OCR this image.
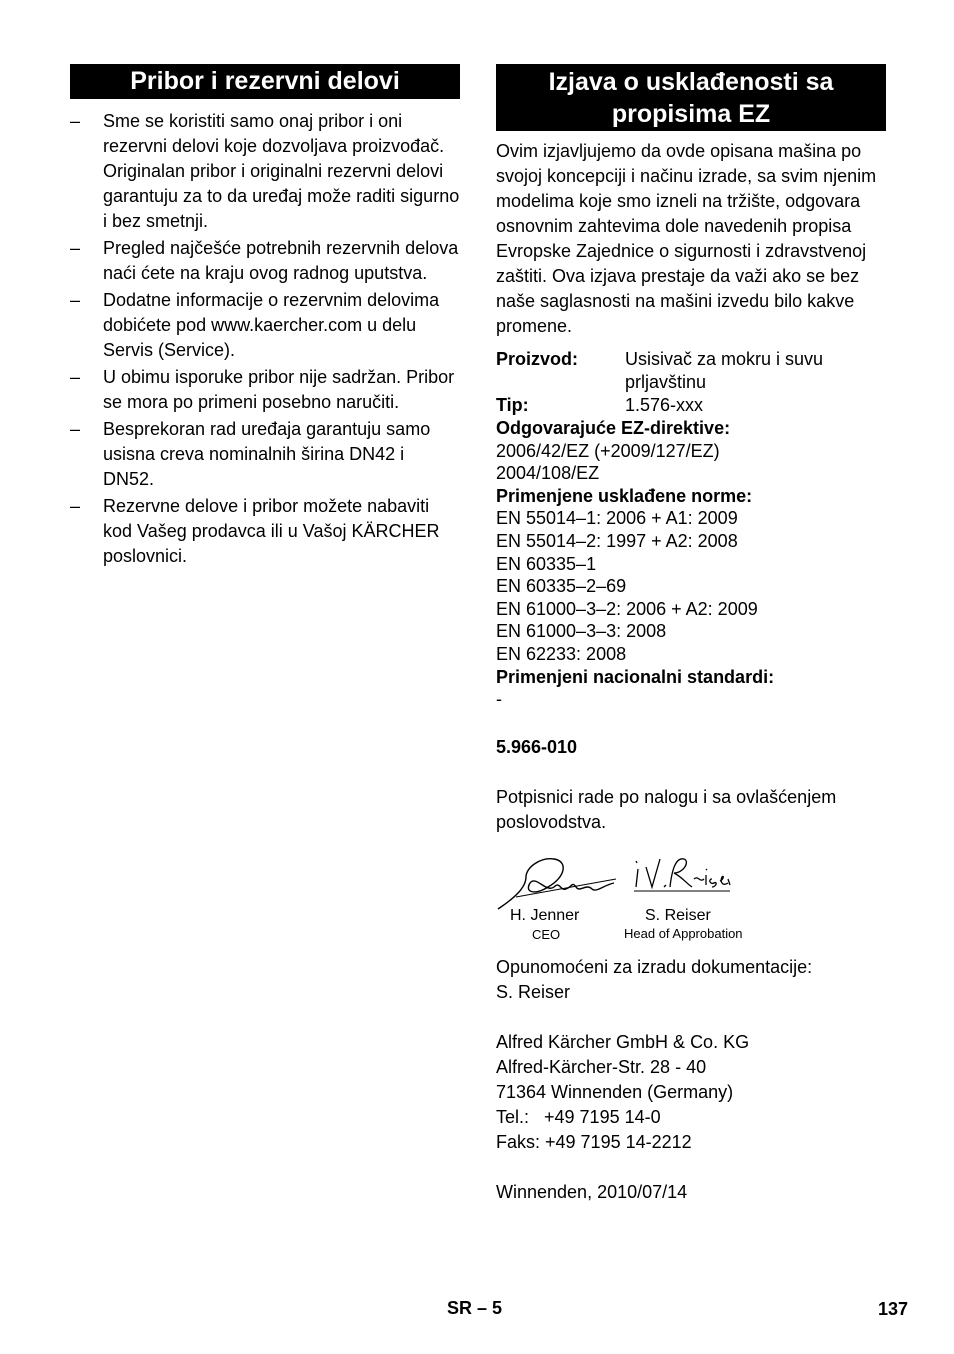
Pribor i rezervni delovi
–	Sme se koristiti samo onaj pribor i oni rezervni delovi koje dozvoljava proizvođač. Originalan pribor i originalni rezervni delovi garantuju za to da uređaj može raditi sigurno i bez smetnji.
–	Pregled najčešće potrebnih rezervnih delova naći ćete na kraju ovog radnog uputstva.
–	Dodatne informacije o rezervnim delovima dobićete pod www.kaercher.com u delu Servis (Service).
–	U obimu isporuke pribor nije sadržan. Pribor se mora po primeni posebno naručiti.
–	Besprekoran rad uređaja garantuju samo usisna creva nominalnih širina DN42 i DN52.
–	Rezervne delove i pribor možete nabaviti kod Vašeg prodavca ili u Vašoj KÄRCHER poslovnici.
Izjava o usklađenosti sa propisima EZ
Ovim izjavljujemo da ovde opisana mašina po svojoj koncepciji i načinu izrade, sa svim njenim modelima koje smo izneli na tržište, odgovara osnovnim zahtevima dole navedenih propisa Evropske Zajednice o sigurnosti i zdravstvenoj zaštiti. Ova izjava prestaje da važi ako se bez naše saglasnosti na mašini izvedu bilo kakve promene.
Proizvod:	Usisivač za mokru i suvu prljavštinu
Tip:	1.576-xxx
Odgovarajuće EZ-direktive:
2006/42/EZ (+2009/127/EZ)
2004/108/EZ
Primenjene usklađene norme:
EN 55014–1: 2006 + A1: 2009
EN 55014–2: 1997 + A2: 2008
EN 60335–1
EN 60335–2–69
EN 61000–3–2: 2006 + A2: 2009
EN 61000–3–3: 2008
EN 62233: 2008
Primenjeni nacionalni standardi:
-
5.966-010
Potpisnici rade po nalogu i sa ovlašćenjem poslovodstva.
H. Jenner
CEO
S. Reiser
Head of Approbation
Opunomoćeni za izradu dokumentacije:
S. Reiser
Alfred Kärcher GmbH & Co. KG
Alfred-Kärcher-Str. 28 - 40
71364 Winnenden (Germany)
Tel.:   +49 7195 14-0
Faks: +49 7195 14-2212
Winnenden, 2010/07/14
SR – 5	137
